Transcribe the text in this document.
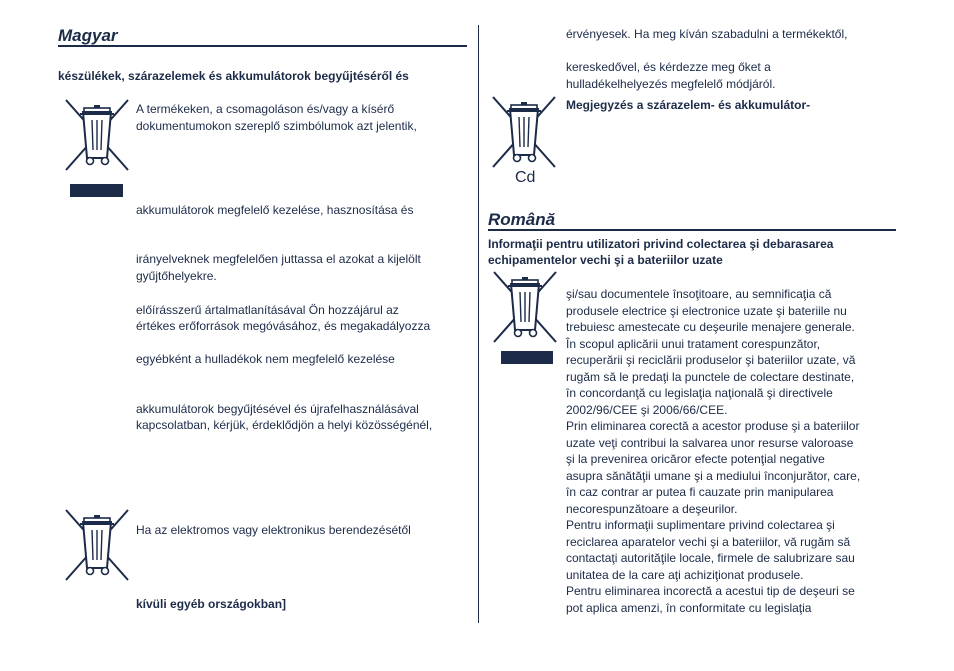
Magyar
készülékek, szárazelemek és akkumulátorok begyűjtéséről és
A termékeken, a csomagoláson és/vagy a kísérő
dokumentumokon szereplő szimbólumok azt jelentik,
akkumulátorok megfelelő kezelése, hasznosítása és
irányelveknek megfelelően juttassa el azokat a kijelölt
gyűjtőhelyekre.
előírásszerű ártalmatlanításával Ön hozzájárul az
értékes erőforrások megóvásához, és megakadályozza
egyébként a hulladékok nem megfelelő kezelése
akkumulátorok begyűjtésével és újrafelhasználásával
kapcsolatban, kérjük, érdeklődjön a helyi közösségénél,
Ha az elektromos vagy elektronikus berendezésétől
kívüli egyéb országokban]
érvényesek. Ha meg kíván szabadulni a termékektől,
kereskedővel, és kérdezze meg őket a
hulladékelhelyezés megfelelő módjáról.
Cd
Megjegyzés a szárazelem- és akkumulátor-
Română
Informaţii pentru utilizatori privind colectarea şi debarasarea
echipamentelor vechi şi a bateriilor uzate
şi/sau documentele însoţitoare, au semnificaţia că
produsele electrice şi electronice uzate şi bateriile nu
trebuiesc amestecate cu deşeurile menajere generale.
În scopul aplicării unui tratament corespunzător,
recuperării şi reciclării produselor şi bateriilor uzate, vă
rugăm să le predaţi la punctele de colectare destinate,
în concordanţă cu legislaţia naţională şi directivele
2002/96/CEE şi 2006/66/CEE.
Prin eliminarea corectă a acestor produse şi a bateriilor
uzate veţi contribui la salvarea unor resurse valoroase
şi la prevenirea oricăror efecte potenţial negative
asupra sănătăţii umane şi a mediului înconjurător, care,
în caz contrar ar putea fi cauzate prin manipularea
necorespunzătoare a deşeurilor.
Pentru informaţii suplimentare privind colectarea şi
reciclarea aparatelor vechi şi a bateriilor, vă rugăm să
contactaţi autorităţile locale, firmele de salubrizare sau
unitatea de la care aţi achiziţionat produsele.
Pentru eliminarea incorectă a acestui tip de deşeuri se
pot aplica amenzi, în conformitate cu legislaţia
